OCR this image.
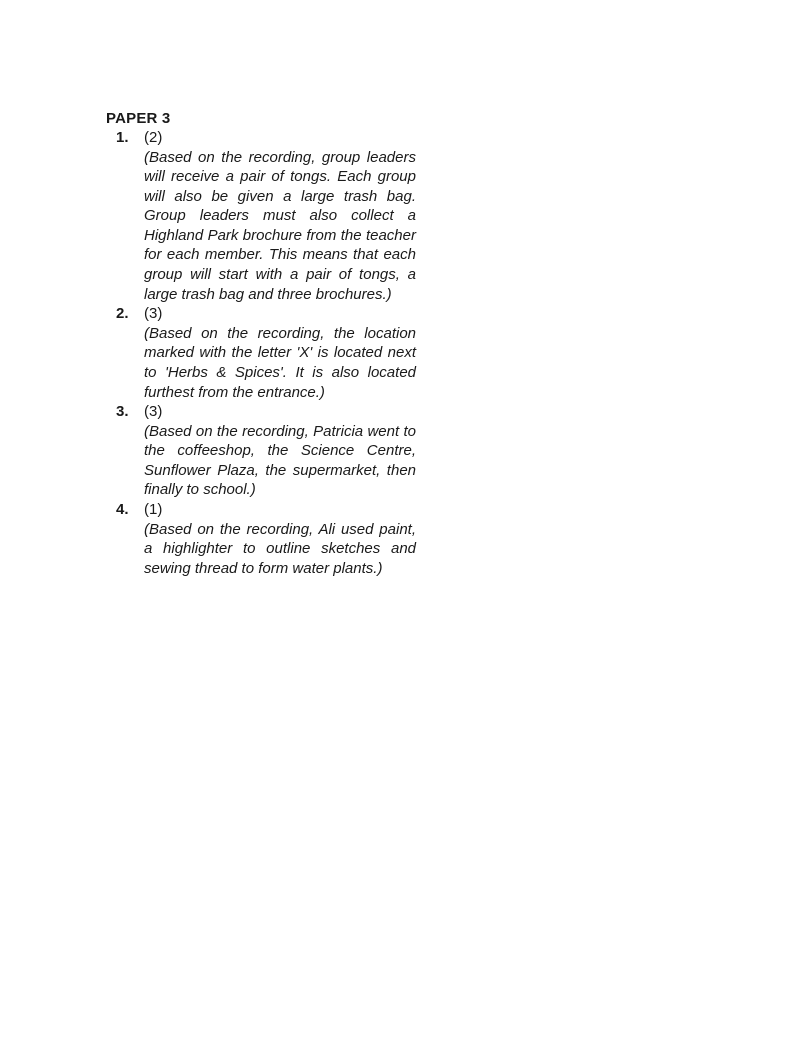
PAPER 3
1. (2)

(Based on the recording, group leaders will receive a pair of tongs. Each group will also be given a large trash bag. Group leaders must also collect a Highland Park brochure from the teacher for each member. This means that each group will start with a pair of tongs, a large trash bag and three brochures.)

2. (3)

(Based on the recording, the location marked with the letter 'X' is located next to 'Herbs & Spices'. It is also located furthest from the entrance.)

3. (3)

(Based on the recording, Patricia went to the coffeeshop, the Science Centre, Sunflower Plaza, the supermarket, then finally to school.)

4. (1)

(Based on the recording, Ali used paint, a highlighter to outline sketches and sewing thread to form water plants.)
